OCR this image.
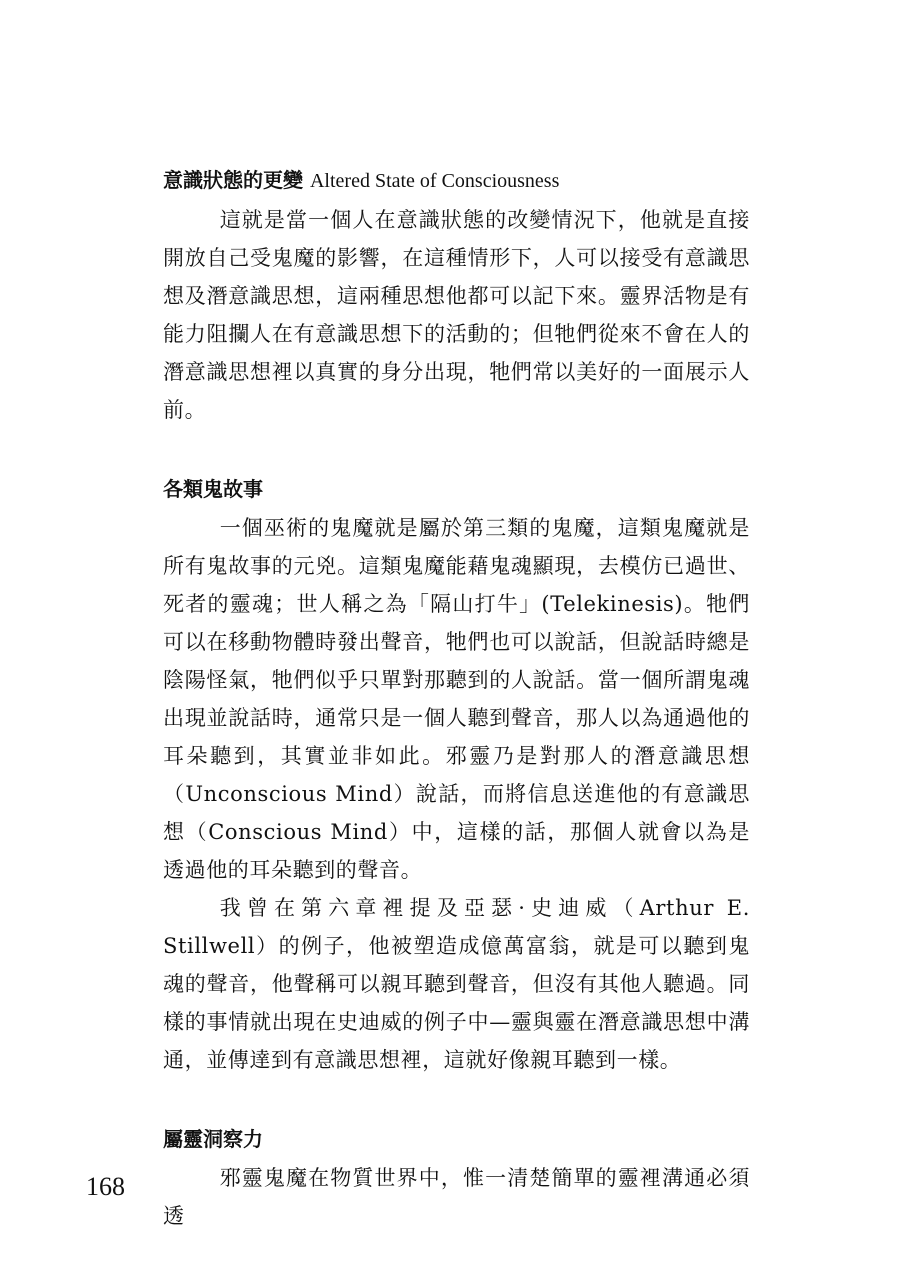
意識狀態的更變 Altered State of Consciousness

這就是當一個人在意識狀態的改變情況下，他就是直接開放自己受鬼魔的影響，在這種情形下，人可以接受有意識思想及潛意識思想，這兩種思想他都可以記下來。靈界活物是有能力阻攔人在有意識思想下的活動的；但牠們從來不會在人的潛意識思想裡以真實的身分出現，牠們常以美好的一面展示人前。

各類鬼故事

一個巫術的鬼魔就是屬於第三類的鬼魔，這類鬼魔就是所有鬼故事的元兇。這類鬼魔能藉鬼魂顯現，去模仿已過世、死者的靈魂；世人稱之為「隔山打牛」(Telekinesis)。牠們可以在移動物體時發出聲音，牠們也可以說話，但說話時總是陰陽怪氣，牠們似乎只單對那聽到的人說話。當一個所謂鬼魂出現並說話時，通常只是一個人聽到聲音，那人以為通過他的耳朵聽到，其實並非如此。邪靈乃是對那人的潛意識思想（Unconscious Mind）說話，而將信息送進他的有意識思想（Conscious Mind）中，這樣的話，那個人就會以為是透過他的耳朵聽到的聲音。

我曾在第六章裡提及亞瑟·史迪威（Arthur E. Stillwell）的例子，他被塑造成億萬富翁，就是可以聽到鬼魂的聲音，他聲稱可以親耳聽到聲音，但沒有其他人聽過。同樣的事情就出現在史迪威的例子中—靈與靈在潛意識思想中溝通，並傳達到有意識思想裡，這就好像親耳聽到一樣。

屬靈洞察力

邪靈鬼魔在物質世界中，惟一清楚簡單的靈裡溝通必須透

168
